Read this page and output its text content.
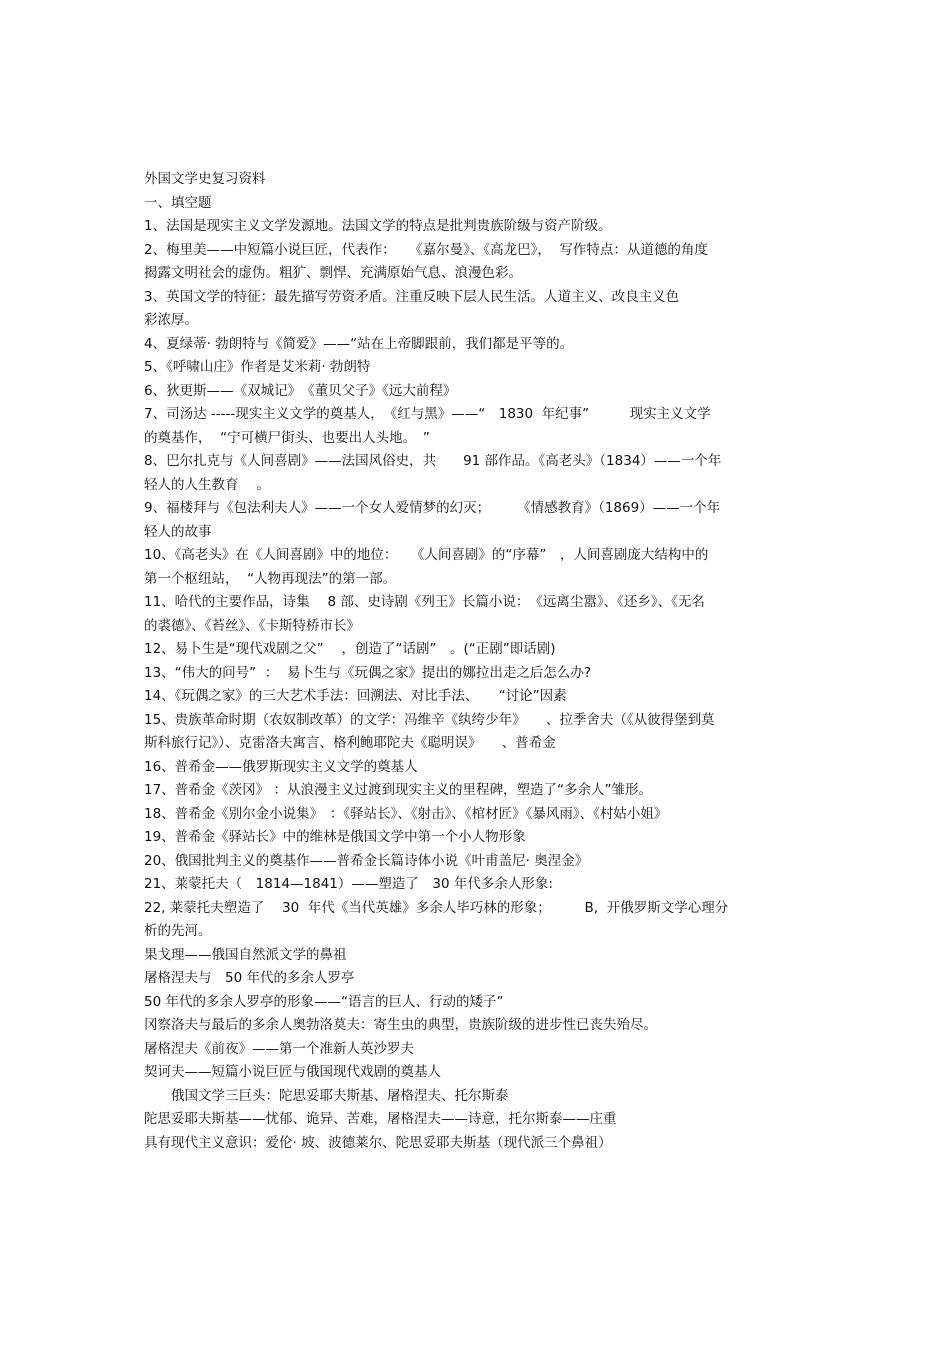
外国文学史复习资料
一、填空题
1、法国是现实主义文学发源地。法国文学的特点是批判贵族阶级与资产阶级。
2、梅里美——中短篇小说巨匠，代表作：　　《嘉尔曼》、《高龙巴》，  写作特点：从道德的角度
揭露文明社会的虚伪。粗犷、剽悍、充满原始气息、浪漫色彩。
3、英国文学的特征：最先描写劳资矛盾。注重反映下层人民生活。人道主义、改良主义色
彩浓厚。
4、夏绿蒂· 勃朗特与《简爱》——“站在上帝脚跟前，我们都是平等的。
5、《呼啸山庄》作者是艾米莉· 勃朗特
6、狄更斯——《双城记》　《董贝父子》《远大前程》
7、司汤达 -----现实主义文学的奠基人，　《红与黑》——“　1830  年纪事”　　　现实主义文学
的奠基作，  “宁可横尸街头、也要出人头地。　”
8、巴尔扎克与《人间喜剧》——法国风俗史，共　　91 部作品。《高老头》（1834）——一个年
轻人的人生教育　 。
9、福楼拜与《包法利夫人》——一个女人爱情梦的幻灭；　　　《情感教育》（1869）——一个年
轻人的故事
10、《高老头》在《人间喜剧》中的地位：　　《人间喜剧》的“序幕”　，人间喜剧庞大结构中的
第一个枢纽站，  “人物再现法”的第一部。
11、哈代的主要作品，诗集　 8 部、史诗剧《列王》长篇小说：　《远离尘嚣》、《还乡》、《无名
的裘德》、《苔丝》、《卡斯特桥市长》
12、易卜生是“现代戏剧之父”　 ，创造了“话剧”　。(“正剧”即话剧)
13、“伟大的问号”  ：  易卜生与《玩偶之家》提出的娜拉出走之后怎么办?
14、《玩偶之家》的三大艺术手法：回溯法、对比手法、　　“讨论”因素
15、贵族革命时期（农奴制改革）的文学：冯维辛《纨绔少年》　　、拉季舍夫（《从彼得堡到莫
斯科旅行记》）、克雷洛夫寓言、格利鲍耶陀夫《聪明误》　　、普希金
16、普希金——俄罗斯现实主义文学的奠基人
17、普希金《茨冈》 ：从浪漫主义过渡到现实主义的里程碑，塑造了“多余人”雏形。
18、普希金《别尔金小说集》　：《驿站长》、《射击》、《棺材匠》《暴风雨》、《村姑小姐》
19、普希金《驿站长》中的维林是俄国文学中第一个小人物形象
20、俄国批判主义的奠基作——普希金长篇诗体小说《叶甫盖尼· 奥涅金》
21、莱蒙托夫（　1814—1841）——塑造了　30 年代多余人形象:
22, 莱蒙托夫塑造了　 30  年代《当代英雄》多余人毕巧林的形象；　　　B,  开俄罗斯文学心理分
析的先河。
果戈理——俄国自然派文学的鼻祖
屠格涅夫与　50 年代的多余人罗亭
50 年代的多余人罗亭的形象——“语言的巨人、行动的矮子”
冈察洛夫与最后的多余人奥勃洛莫夫：寄生虫的典型，贵族阶级的进步性已丧失殆尽。
屠格涅夫《前夜》——第一个准新人英沙罗夫
契诃夫——短篇小说巨匠与俄国现代戏剧的奠基人
　　俄国文学三巨头：陀思妥耶夫斯基、屠格涅夫、托尔斯泰
陀思妥耶夫斯基——忧郁、诡异、苦难，屠格涅夫——诗意，托尔斯泰——庄重
具有现代主义意识：爱伦· 坡、波德莱尔、陀思妥耶夫斯基（现代派三个鼻祖）
